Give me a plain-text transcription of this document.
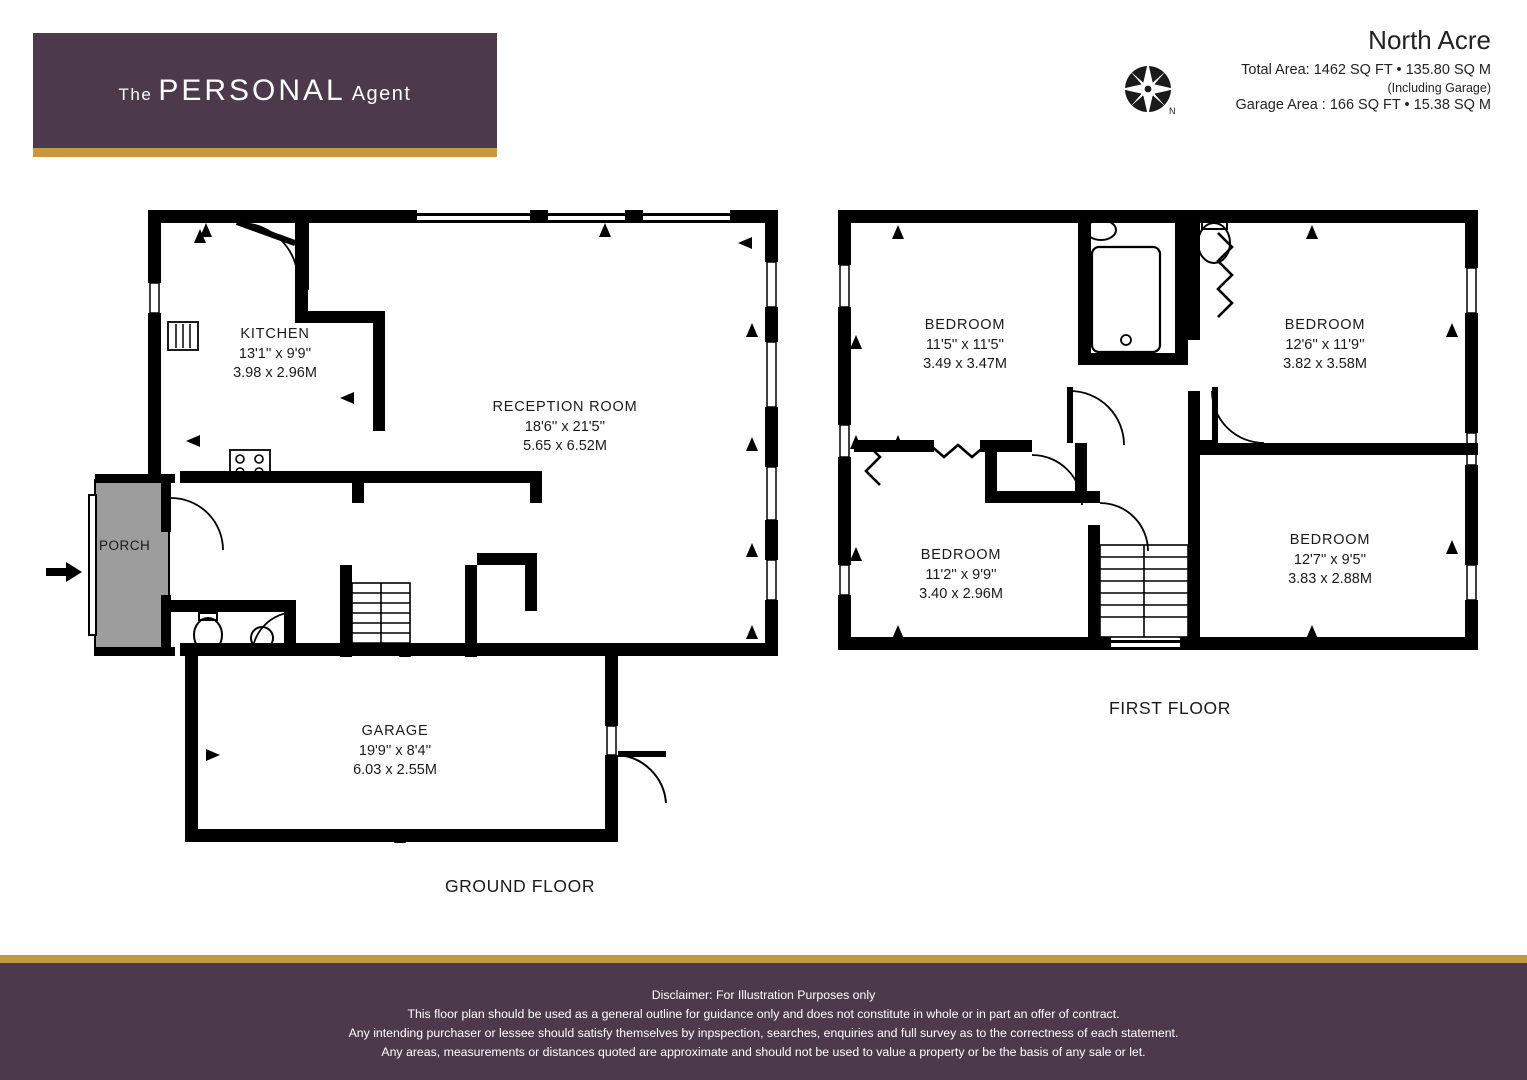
The PERSONAL Agent
North Acre
Total Area: 1462 SQ FT • 135.80 SQ M
(Including Garage)
Garage Area : 166 SQ FT • 15.38 SQ M
N
KITCHEN
13'1'' x 9'9''
3.98 x 2.96M
RECEPTION ROOM
18'6'' x 21'5''
5.65 x 6.52M
GARAGE
19'9'' x 8'4''
6.03 x 2.55M
PORCH
GROUND FLOOR
BEDROOM
11'5'' x 11'5''
3.49 x 3.47M
BEDROOM
12'6'' x 11'9''
3.82 x 3.58M
BEDROOM
11'2'' x 9'9''
3.40 x 2.96M
BEDROOM
12'7'' x 9'5''
3.83 x 2.88M
FIRST FLOOR
Disclaimer: For Illustration Purposes only
This floor plan should be used as a general outline for guidance only and does not constitute in whole or in part an offer of contract.
Any intending purchaser or lessee should satisfy themselves by inpspection, searches, enquiries and full survey as to the correctness of each statement.
Any areas, measurements or distances quoted are approximate and should not be used to value a property or be the basis of any sale or let.
